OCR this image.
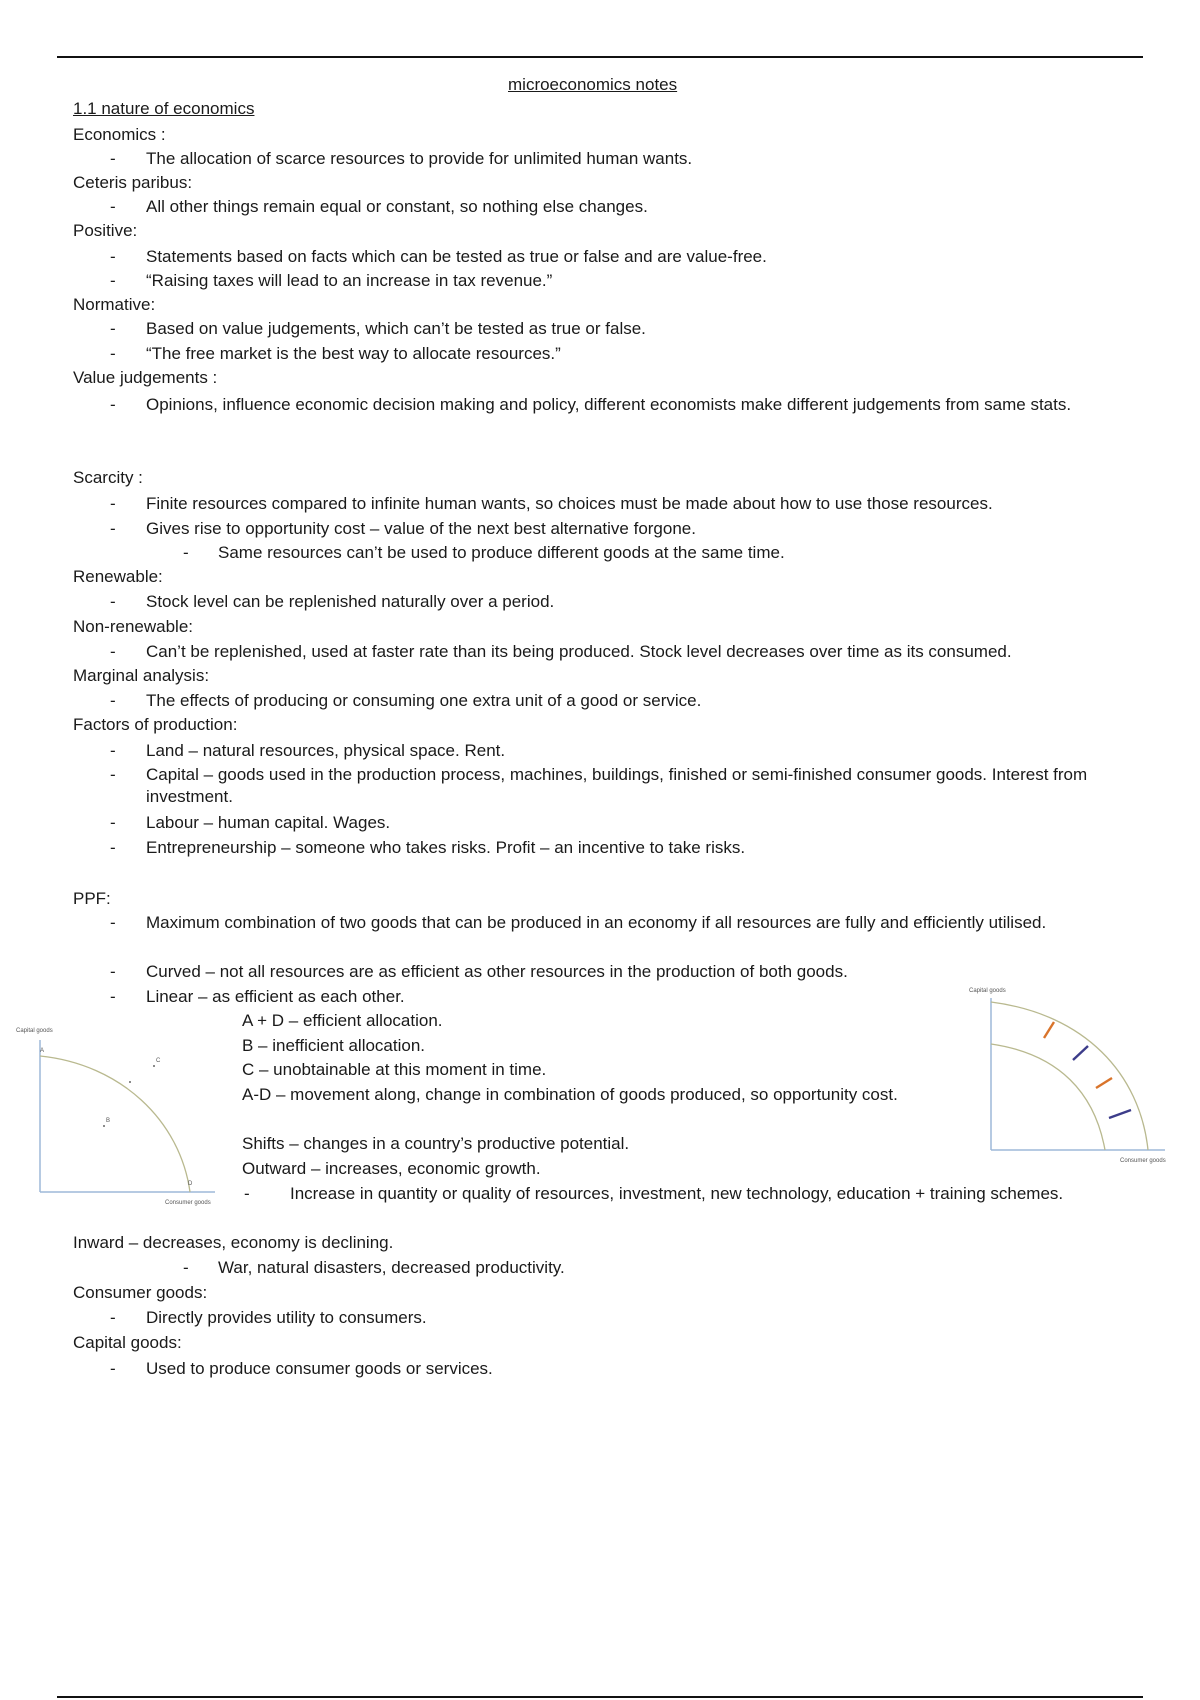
microeconomics notes
1.1 nature of economics
Economics :
- The allocation of scarce resources to provide for unlimited human wants.
Ceteris paribus:
- All other things remain equal or constant, so nothing else changes.
Positive:
- Statements based on facts which can be tested as true or false and are value-free.
- “Raising taxes will lead to an increase in tax revenue.”
Normative:
- Based on value judgements, which can’t be tested as true or false.
- “The free market is the best way to allocate resources.”
Value judgements :
- Opinions, influence economic decision making and policy, different economists make different judgements from same stats.
Scarcity :
- Finite resources compared to infinite human wants, so choices must be made about how to use those resources.
- Gives rise to opportunity cost – value of the next best alternative forgone.
- Same resources can’t be used to produce different goods at the same time.
Renewable:
- Stock level can be replenished naturally over a period.
Non-renewable:
- Can’t be replenished, used at faster rate than its being produced. Stock level decreases over time as its consumed.
Marginal analysis:
- The effects of producing or consuming one extra unit of a good or service.
Factors of production:
- Land – natural resources, physical space. Rent.
- Capital – goods used in the production process, machines, buildings, finished or semi-finished consumer goods. Interest from investment.
- Labour – human capital. Wages.
- Entrepreneurship – someone who takes risks. Profit – an incentive to take risks.
PPF:
- Maximum combination of two goods that can be produced in an economy if all resources are fully and efficiently utilised.
- Curved – not all resources are as efficient as other resources in the production of both goods.
- Linear – as efficient as each other.
A + D – efficient allocation.
B – inefficient allocation.
C – unobtainable at this moment in time.
A-D – movement along, change in combination of goods produced, so opportunity cost.
Shifts – changes in a country’s productive potential.
Outward – increases, economic growth.
-	Increase in quantity or quality of resources, investment, new technology, education + training schemes.
Inward – decreases, economy is declining.
- War, natural disasters, decreased productivity.
Consumer goods:
- Directly provides utility to consumers.
Capital goods:
- Used to produce consumer goods or services.
Capital goods
A
B
C
D
Consumer goods
Capital goods
Consumer goods
